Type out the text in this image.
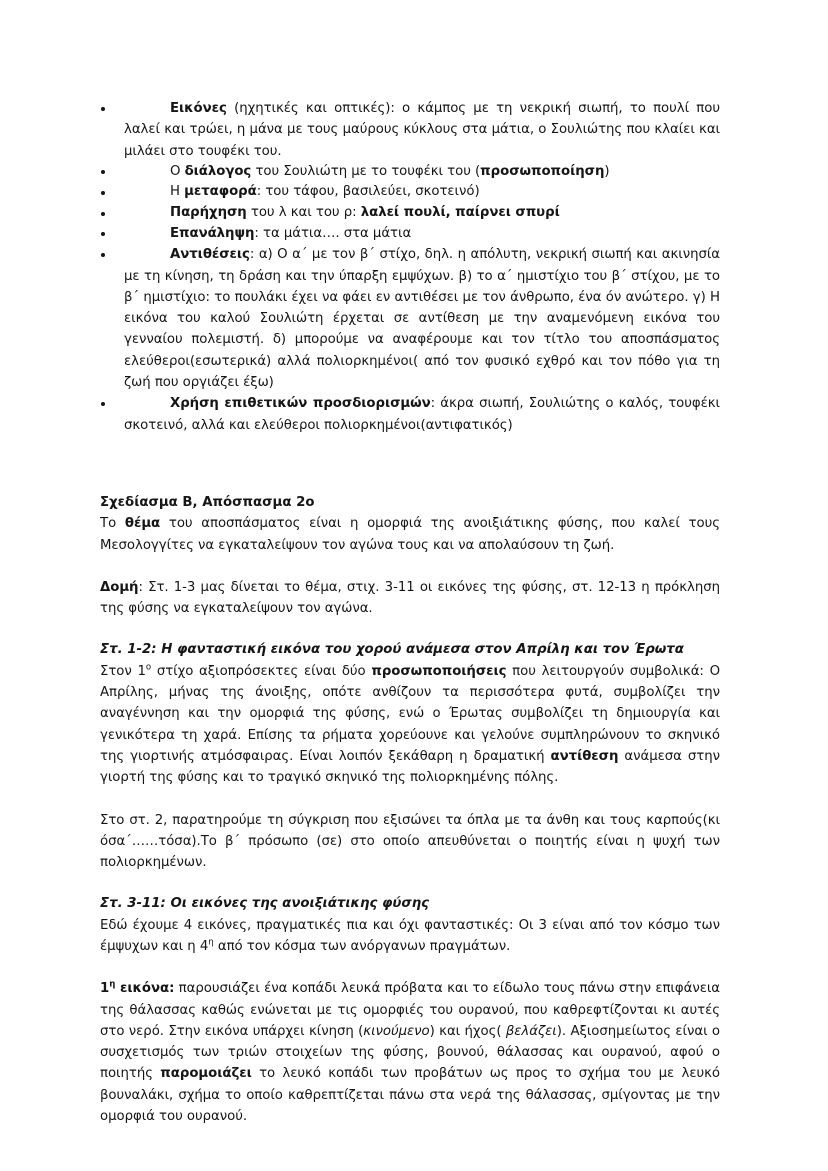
Εικόνες (ηχητικές και οπτικές): ο κάμπος με τη νεκρική σιωπή, το πουλί που λαλεί και τρώει, η μάνα με τους μαύρους κύκλους στα μάτια, ο Σουλιώτης που κλαίει και μιλάει στο τουφέκι του.
Ο διάλογος του Σουλιώτη με το τουφέκι του (προσωποποίηση)
Η μεταφορά: του τάφου, βασιλεύει, σκοτεινό)
Παρήχηση του λ και του ρ: λαλεί πουλί, παίρνει σπυρί
Επανάληψη: τα μάτια…. στα μάτια
Αντιθέσεις: α) Ο α΄ με τον β΄ στίχο, δηλ. η απόλυτη, νεκρική σιωπή και ακινησία με τη κίνηση, τη δράση και την ύπαρξη εμψύχων. β) το α΄ ημιστίχιο του β΄ στίχου, με το β΄ ημιστίχιο: το πουλάκι έχει να φάει εν αντιθέσει με τον άνθρωπο, ένα όν ανώτερο. γ) Η εικόνα του καλού Σουλιώτη έρχεται σε αντίθεση με την αναμενόμενη εικόνα του γενναίου πολεμιστή. δ) μπορούμε να αναφέρουμε και τον τίτλο του αποσπάσματος ελεύθεροι(εσωτερικά) αλλά πολιορκημένοι( από τον φυσικό εχθρό και τον πόθο για τη ζωή που οργιάζει έξω)
Χρήση επιθετικών προσδιορισμών: άκρα σιωπή, Σουλιώτης ο καλός, τουφέκι σκοτεινό, αλλά και ελεύθεροι πολιορκημένοι(αντιφατικός)

Σχεδίασμα Β, Απόσπασμα 2ο

Το θέμα του αποσπάσματος είναι η ομορφιά της ανοιξιάτικης φύσης, που καλεί τους Μεσολογγίτες να εγκαταλείψουν τον αγώνα τους και να απολαύσουν τη ζωή.

Δομή: Στ. 1-3 μας δίνεται το θέμα, στιχ. 3-11 οι εικόνες της φύσης, στ. 12-13 η πρόκληση της φύσης να εγκαταλείψουν τον αγώνα.

Στ. 1-2: Η φανταστική εικόνα του χορού ανάμεσα στον Απρίλη και τον Έρωτα

Στον $1^o$ στίχο αξιοπρόσεκτες είναι δύο προσωποποιήσεις που λειτουργούν συμβολικά: Ο Απρίλης, μήνας της άνοιξης, οπότε ανθίζουν τα περισσότερα φυτά, συμβολίζει την αναγέννηση και την ομορφιά της φύσης, ενώ ο Έρωτας συμβολίζει τη δημιουργία και γενικότερα τη χαρά. Επίσης τα ρήματα χορεύουνε και γελούνε συμπληρώνουν το σκηνικό της γιορτινής ατμόσφαιρας. Είναι λοιπόν ξεκάθαρη η δραματική αντίθεση ανάμεσα στην γιορτή της φύσης και το τραγικό σκηνικό της πολιορκημένης πόλης.

Στο στ. 2, παρατηρούμε τη σύγκριση που εξισώνει τα όπλα με τα άνθη και τους καρπούς(κι όσα΄……τόσα).Το β΄ πρόσωπο (σε) στο οποίο απευθύνεται ο ποιητής είναι η ψυχή των πολιορκημένων.

Στ. 3-11: Οι εικόνες της ανοιξιάτικης φύσης

Εδώ έχουμε 4 εικόνες, πραγματικές πια και όχι φανταστικές: Οι 3 είναι από τον κόσμο των έμψυχων και η $4^\eta$ από τον κόσμα των ανόργανων πραγμάτων.

$1^\eta$ εικόνα: παρουσιάζει ένα κοπάδι λευκά πρόβατα και το είδωλο τους πάνω στην επιφάνεια της θάλασσας καθώς ενώνεται με τις ομορφιές του ουρανού, που καθρεφτίζονται κι αυτές στο νερό. Στην εικόνα υπάρχει κίνηση (κινούμενο) και ήχος( βελάζει). Αξιοσημείωτος είναι ο συσχετισμός των τριών στοιχείων της φύσης, βουνού, θάλασσας και ουρανού, αφού ο ποιητής παρομοιάζει το λευκό κοπάδι των προβάτων ως προς το σχήμα του με λευκό βουναλάκι, σχήμα το οποίο καθρεπτίζεται πάνω στα νερά της θάλασσας, σμίγοντας με την ομορφιά του ουρανού.
